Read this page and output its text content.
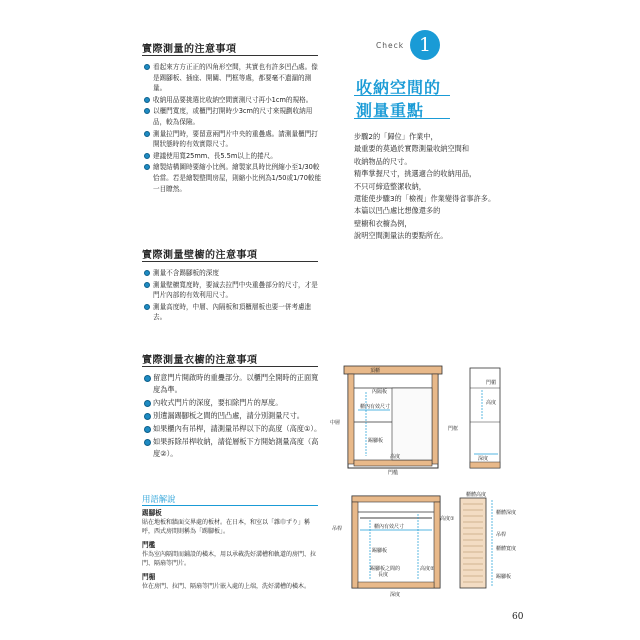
實際測量的注意事項
看起來方方正正的四角形空間，其實也有許多凹凸處。像是踢腳板、插座、開關、門框等處，都要毫不遺漏的測量。
收納用品要挑選比收納空間實測尺寸再小1cm的規格。
以櫃門寬度，或櫃門打開時少3cm的尺寸來規劃收納用品，較為保險。
測量拉門時，要留意兩門片中央的重疊處。請測量櫃門打開狀態時的有效實際尺寸。
建議使用寬25mm、長5.5m以上的捲尺。
繪製結構圖時要縮小比例。繪製家具時比例縮小至1/30較恰當。若是繪製整間房屋，則縮小比例為1/50或1/70較能一目瞭然。
實際測量壁櫥的注意事項
測量不含踢腳板的深度
測量壁櫥寬度時，要減去拉門中央重疊部分的尺寸，才是門片內部的有效利用尺寸。
測量高度時，中層、內隔板和頂櫃層板也要一併考慮進去。
實際測量衣櫥的注意事項
留意門片開啟時的重疊部分。以櫃門全開時的正面寬度為準。
內收式門片的深度，要扣除門片的厚度。
別遺漏踢腳板之間的凹凸處，請分別測量尺寸。
如果櫃內有吊桿，請測量吊桿以下的高度（高度①）。
如果拆除吊桿收納，請從層板下方開始測量高度（高度②）。
用語解說
踢腳板
貼在地板和牆面交界處的板材。在日本，和室以「雜巾ずり」稱呼，西式房間則稱為「踢腳板」。
門檻
作為室內隔間而鋪設的橫木，用以承載洗好溝槽和軌道的房門、拉門、隔扇等門片。
門楣
位在房門、拉門、隔扇等門片嵌入處的上端，洗好溝槽的橫木。
Check 1
收納空間的
測量重點
步驟2的「歸位」作業中，
最重要的莫過於實際測量收納空間和
收納物品的尺寸。
精準掌握尺寸，挑選適合的收納用品，
不只可締造整潔收納，
還能使步驟3的「檢視」作業變得省事許多。
本篇以凹凸處比想像還多的
壁櫥和衣櫥為例，
說明空間測量法的要點所在。
頂櫃
內隔板
櫃內有效尺寸
中層
踢腳板
高度
門檻
高度
門楣
深度
門框
櫃體高度
櫃體深度
高度①
櫃內有效尺寸
吊桿
踢腳板
高度②
踢腳板之間的
長度
深度
踢腳板
吊桿
櫃體寬度
60
